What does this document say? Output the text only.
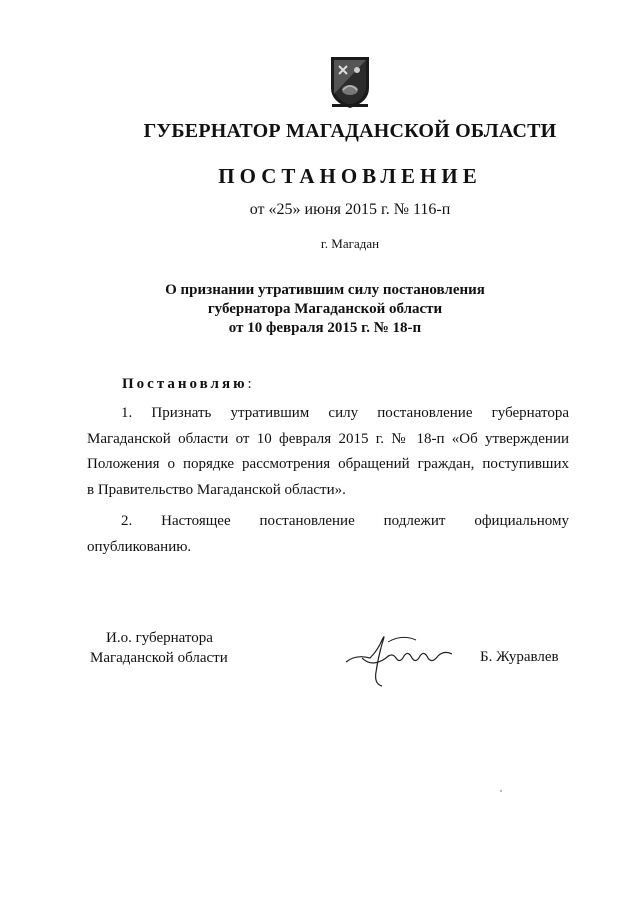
ГУБЕРНАТОР МАГАДАНСКОЙ ОБЛАСТИ
ПОСТАНОВЛЕНИЕ
от «25» июня 2015 г. № 116-п
г. Магадан
О признании утратившим силу постановления
губернатора Магаданской области
от 10 февраля 2015 г. № 18-п
Постановляю:
1. Признать утратившим силу постановление губернатора
Магаданской области от 10 февраля 2015 г. № 18-п «Об утверждении
Положения о порядке рассмотрения обращений граждан, поступивших
в Правительство Магаданской области».
2. Настоящее постановление подлежит официальному
опубликованию.
И.о. губернатора
Магаданской области	Б. Журавлев
